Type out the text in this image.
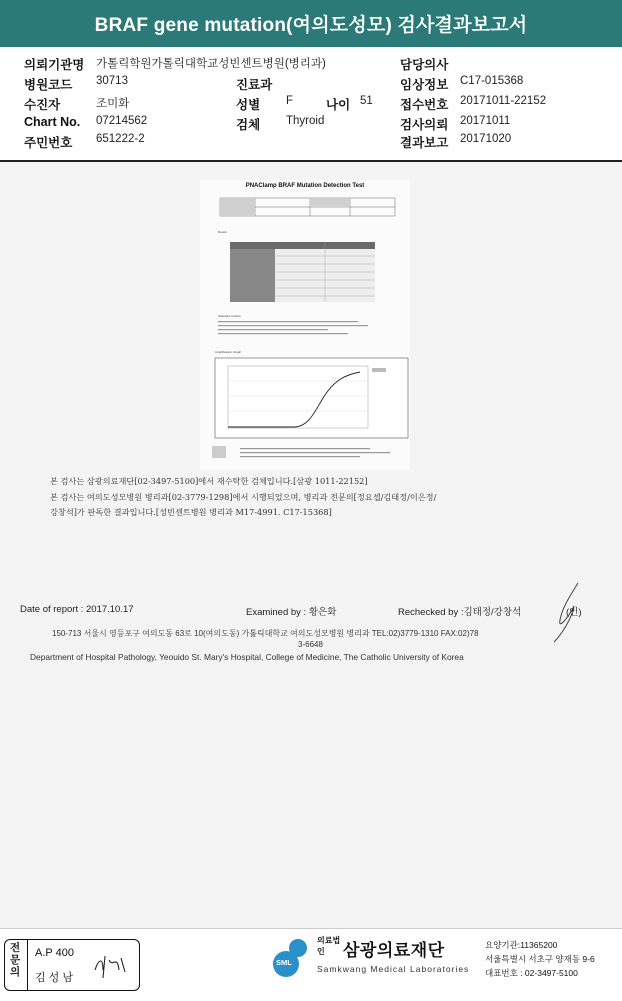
BRAF gene mutation(여의도성모) 검사결과보고서
의뢰기관명 가톨릭학원가톨릭대학교성빈센트병원(병리과)	담당의사
병원코드 30713	진료과	임상정보 C17-015368
수진자	조미화	성별 F	나이 51 접수번호 20171011-22152
Chart No. 07214562	검체 Thyroid	검사의뢰 20171011
주민번호 651222-2	결과보고 20171020
PNAClamp BRAF Mutation Detection Test
Result
Standard Criteria
Amplification Graph
본 검사는 삼광의료재단[02-3497-5100]에서 재수탁한 검체입니다.[삼광 1011-22152]
본 검사는 여의도성모병원 병리과[02-3779-1298]에서 시행되었으며, 병리과 전문의[정요셉/김태정/이은정/
강창석]가 판독한 결과입니다.[성빈센트병원 병리과 M17-4991. C17-15368]
Date of report : 2017.10.17	Examined by : 황은화	Rechecked by :김태정/강창석	(인)
150-713 서울시 영등포구 여의도동 63로 10(여의도동) 가톨릭대학교 여의도성모병원 병리과 TEL:02)3779-1310 FAX:02)78
3-6648
Department of Hospital Pathology, Yeouido St. Mary's Hospital, College of Medicine, The Catholic University of Korea
전문의
A.P 400
김 성 남
SML
의료법인	삼광의료재단
Samkwang Medical Laboratories
요양기관:11365200
서울특별시 서초구 양재동 9-6
대표번호 : 02-3497-5100
